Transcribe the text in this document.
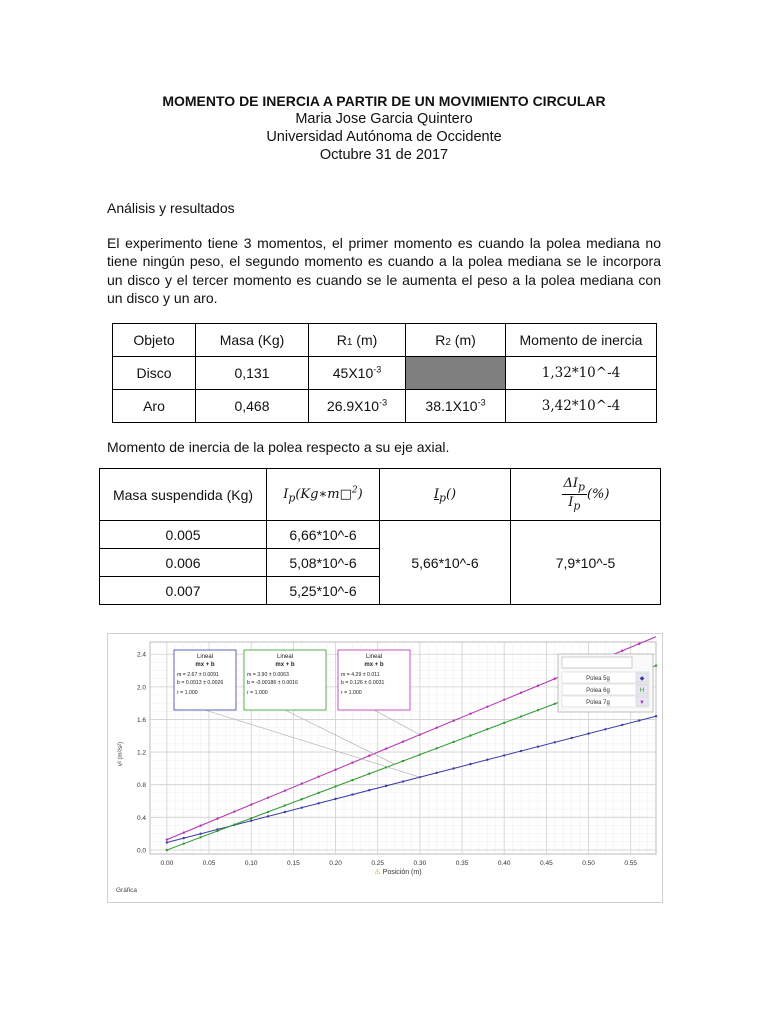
MOMENTO DE INERCIA A PARTIR DE UN MOVIMIENTO CIRCULAR
Maria Jose Garcia Quintero
Universidad Autónoma de Occidente
Octubre 31 de 2017
Análisis y resultados
El experimento tiene 3 momentos, el primer momento es cuando la polea mediana no tiene ningún peso, el segundo momento es cuando a la polea mediana se le incorpora un disco y el tercer momento es cuando se le aumenta el peso a la polea mediana con un disco y un aro.
Objeto	Masa (Kg)	R1 (m)	R2 (m)	Momento de inercia
Disco	0,131	$45X10^{-3}$		1,32*10^-4
Aro	0,468	$26.9X10^{-3}$	$38.1X10^{-3}$	3,42*10^-4
Momento de inercia de la polea respecto a su eje axial.
Masa suspendida (Kg)	$I_p(Kg∗m□^2)$	$I_p()$	$\frac{\Delta I_p}{I_p}$ (%)
0.005	6,66*10^-6	5,66*10^-6	7,9*10^-5
0.006	5,08*10^-6		
0.007	5,25*10^-6		
0.00	0.05	0.10	0.15	0.20	0.25	0.30	0.35	0.40	0.45	0.50	0.55
0.0
0.4
0.8
1.2
1.6
2.0
2.4	Lineal
mx + b
m = 2.67 ± 0.0091
b = 0.0913 ± 0.0026
r = 1.000
Lineal
mx + b
m = 3.90 ± 0.0063
b = -0.00186 ± 0.0016
r = 1.000
Lineal
mx + b
m = 4.29 ± 0.011
b = 0.126 ± 0.0031
r = 1.000
Polea 5g	◆
Polea 6g	H
Polea 7g	▼
⚠ Posición (m)
v² (m²/s²)
Gráfica
